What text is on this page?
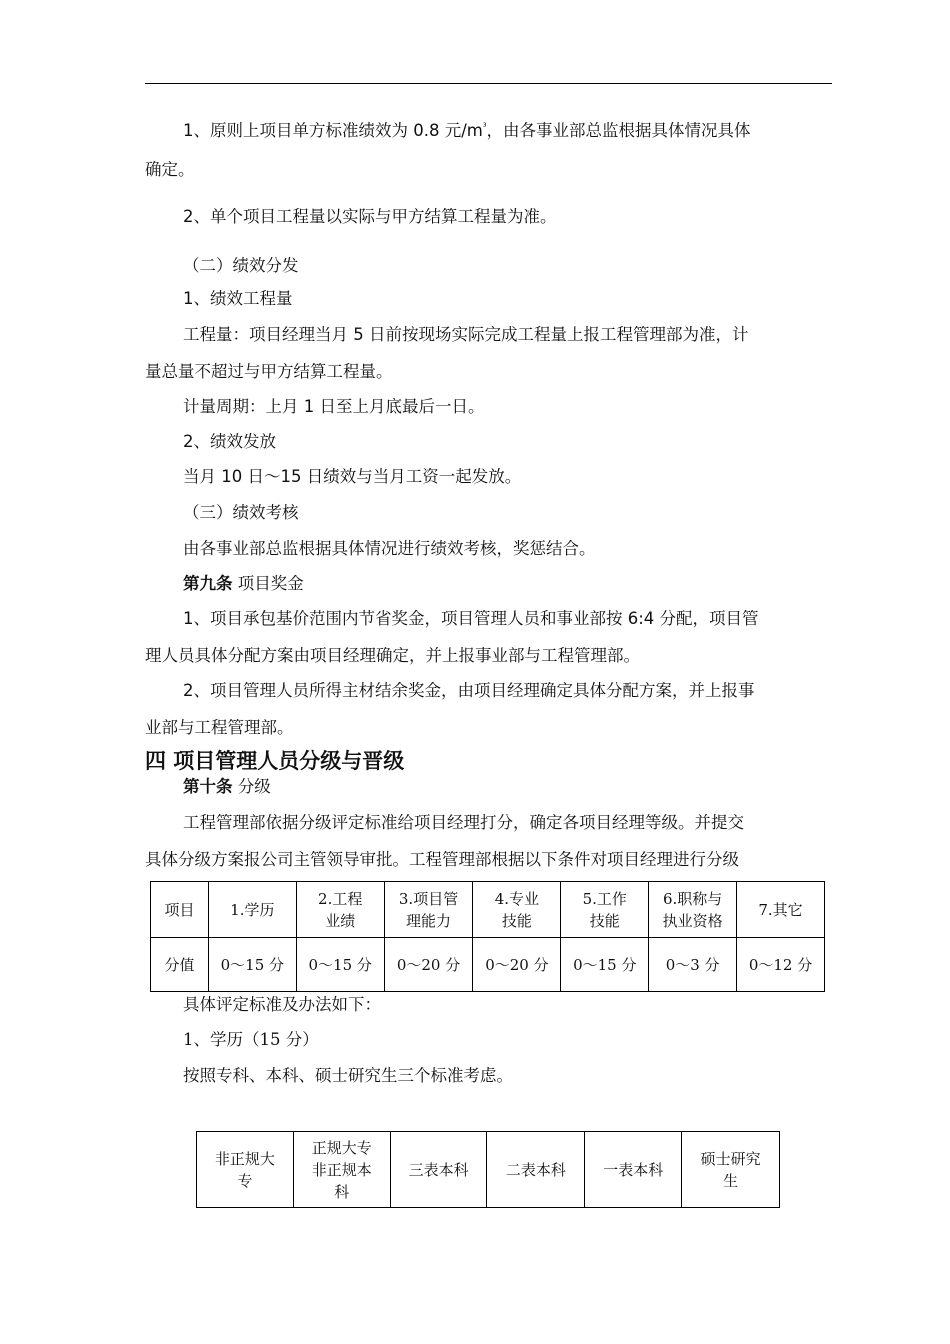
1、原则上项目单方标准绩效为 0.8 元$/m^{^3}$，由各事业部总监根据具体情况具体
确定。
2、单个项目工程量以实际与甲方结算工程量为准。
（二）绩效分发
1、绩效工程量
工程量：项目经理当月 5 日前按现场实际完成工程量上报工程管理部为准，计
量总量不超过与甲方结算工程量。
计量周期：上月 1 日至上月底最后一日。
2、绩效发放
当月 10 日～15 日绩效与当月工资一起发放。
（三）绩效考核
由各事业部总监根据具体情况进行绩效考核，奖惩结合。
第九条 项目奖金
1、项目承包基价范围内节省奖金，项目管理人员和事业部按 6:4 分配，项目管
理人员具体分配方案由项目经理确定，并上报事业部与工程管理部。
2、项目管理人员所得主材结余奖金，由项目经理确定具体分配方案，并上报事
业部与工程管理部。
四 项目管理人员分级与晋级
第十条 分级
工程管理部依据分级评定标准给项目经理打分，确定各项目经理等级。并提交
具体分级方案报公司主管领导审批。工程管理部根据以下条件对项目经理进行分级
项目	1.学历	2.工程
业绩	3.项目管
理能力	4.专业
技能	5.工作
技能	6.职称与
执业资格	7.其它
分值	0～15 分	0～15 分	0～20 分	0～20 分	0～15 分	0～3 分	0～12 分
具体评定标准及办法如下：
1、学历（15 分）
按照专科、本科、硕士研究生三个标准考虑。
非正规大
专	正规大专
非正规本
科	三表本科	二表本科	一表本科	硕士研究
生
